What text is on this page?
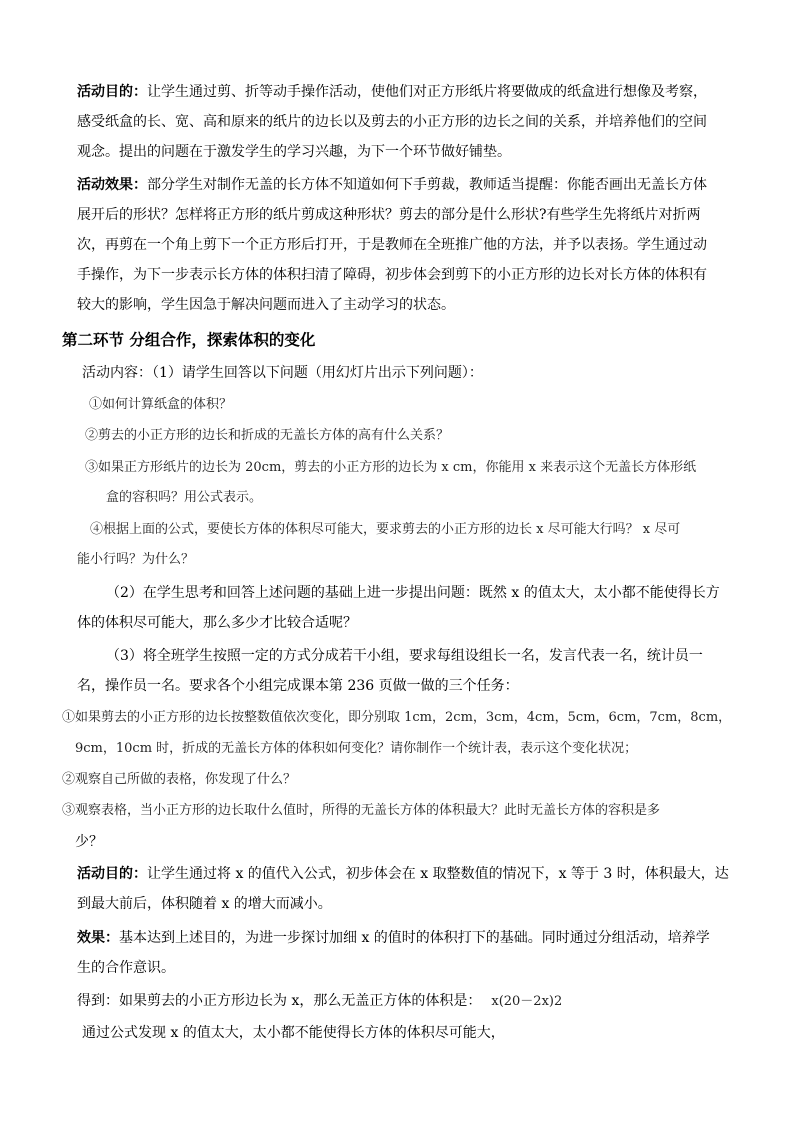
活动目的：让学生通过剪、折等动手操作活动，使他们对正方形纸片将要做成的纸盒进行想像及考察，
感受纸盒的长、宽、高和原来的纸片的边长以及剪去的小正方形的边长之间的关系，并培养他们的空间
观念。提出的问题在于激发学生的学习兴趣，为下一个环节做好铺垫。
活动效果：部分学生对制作无盖的长方体不知道如何下手剪裁，教师适当提醒：你能否画出无盖长方体
展开后的形状？怎样将正方形的纸片剪成这种形状？剪去的部分是什么形状?有些学生先将纸片对折两
次，再剪在一个角上剪下一个正方形后打开，于是教师在全班推广他的方法，并予以表扬。学生通过动
手操作，为下一步表示长方体的体积扫清了障碍，初步体会到剪下的小正方形的边长对长方体的体积有
较大的影响，学生因急于解决问题而进入了主动学习的状态。
第二环节 分组合作，探索体积的变化
活动内容：（1）请学生回答以下问题（用幻灯片出示下列问题）：
①如何计算纸盒的体积？
②剪去的小正方形的边长和折成的无盖长方体的高有什么关系？
③如果正方形纸片的边长为 20cm，剪去的小正方形的边长为 x cm，你能用 x 来表示这个无盖长方体形纸
盒的容积吗？用公式表示。
④根据上面的公式，要使长方体的体积尽可能大，要求剪去的小正方形的边长 x 尽可能大行吗？ x 尽可
能小行吗？为什么？
（2）在学生思考和回答上述问题的基础上进一步提出问题：既然 x 的值太大，太小都不能使得长方
体的体积尽可能大，那么多少才比较合适呢？
（3）将全班学生按照一定的方式分成若干小组，要求每组设组长一名，发言代表一名，统计员一
名，操作员一名。要求各个小组完成课本第 236 页做一做的三个任务：
①如果剪去的小正方形的边长按整数值依次变化，即分别取 1cm，2cm，3cm，4cm，5cm，6cm，7cm，8cm，
9cm，10cm 时，折成的无盖长方体的体积如何变化？请你制作一个统计表，表示这个变化状况；
②观察自己所做的表格，你发现了什么？
③观察表格，当小正方形的边长取什么值时，所得的无盖长方体的体积最大？此时无盖长方体的容积是多
少？
活动目的：让学生通过将 x 的值代入公式，初步体会在 x 取整数值的情况下，x 等于 3 时，体积最大，达
到最大前后，体积随着 x 的增大而减小。
效果：基本达到上述目的，为进一步探讨加细 x 的值时的体积打下的基础。同时通过分组活动，培养学
生的合作意识。
得到：如果剪去的小正方形边长为 x，那么无盖正方体的体积是： x(20－2x)2
通过公式发现 x 的值太大，太小都不能使得长方体的体积尽可能大，
